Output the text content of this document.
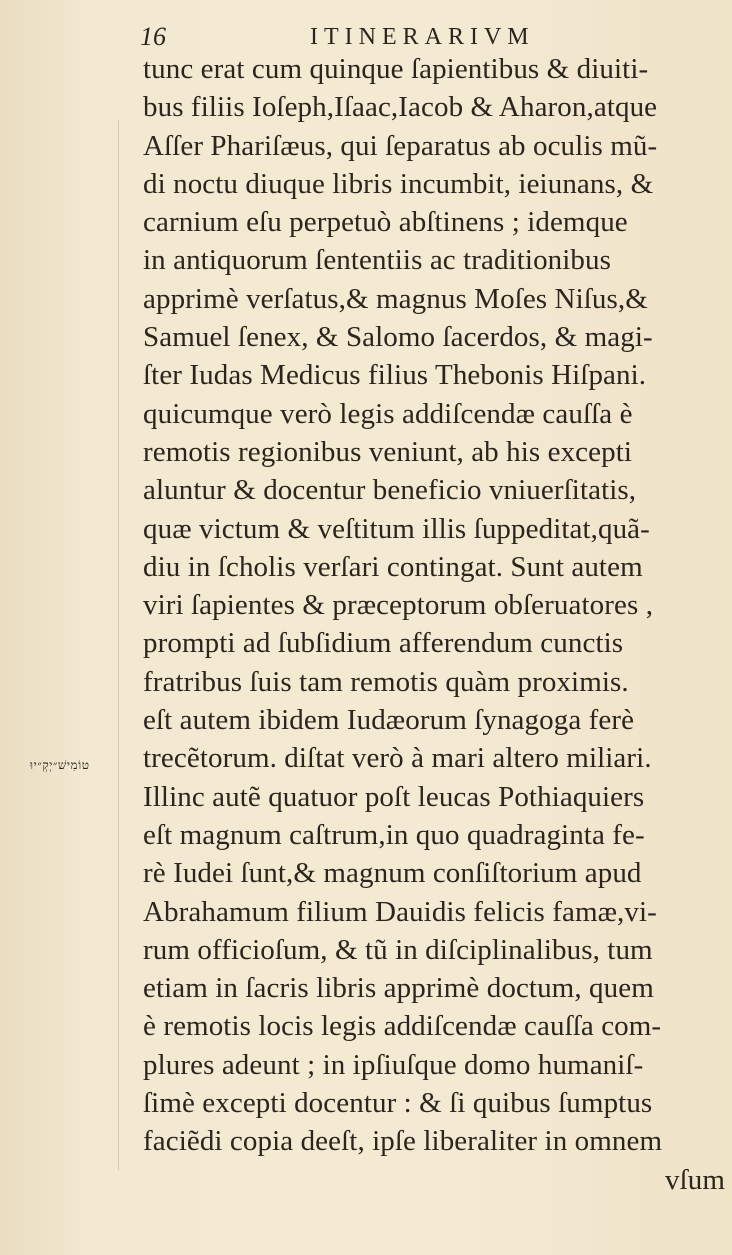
16	ITINERARIVM
טוֹמִישׁ״יְקְ״יוּ
tunc erat cum quinque ſapientibus & diuiti-
bus filiis Ioſeph,Iſaac,Iacob & Aharon,atque
Aſſer Phariſæus, qui ſeparatus ab oculis mũ-
di noctu diuque libris incumbit, ieiunans, &
carnium eſu perpetuò abſtinens ; idemque
in antiquorum ſententiis ac traditionibus
apprimè verſatus,& magnus Moſes Niſus,&
Samuel ſenex, & Salomo ſacerdos, & magi-
ſter Iudas Medicus filius Thebonis Hiſpani.
quicumque verò legis addiſcendæ cauſſa è
remotis regionibus veniunt, ab his excepti
aluntur & docentur beneficio vniuerſitatis,
quæ victum & veſtitum illis ſuppeditat,quã-
diu in ſcholis verſari contingat. Sunt autem
viri ſapientes & præceptorum obſeruatores ,
prompti ad ſubſidium afferendum cunctis
fratribus ſuis tam remotis quàm proximis.
eſt autem ibidem Iudæorum ſynagoga ferè
trecẽtorum. diſtat verò à mari altero miliari.
Illinc autẽ quatuor poſt leucas Pothiaquiers
eſt magnum caſtrum,in quo quadraginta fe-
rè Iudei ſunt,& magnum conſiſtorium apud
Abrahamum filium Dauidis felicis famæ,vi-
rum officioſum, & tũ in diſciplinalibus, tum
etiam in ſacris libris apprimè doctum, quem
è remotis locis legis addiſcendæ cauſſa com-
plures adeunt ; in ipſiuſque domo humaniſ-
ſimè excepti docentur : & ſi quibus ſumptus
faciẽdi copia deeſt, ipſe liberaliter in omnem
vſum
